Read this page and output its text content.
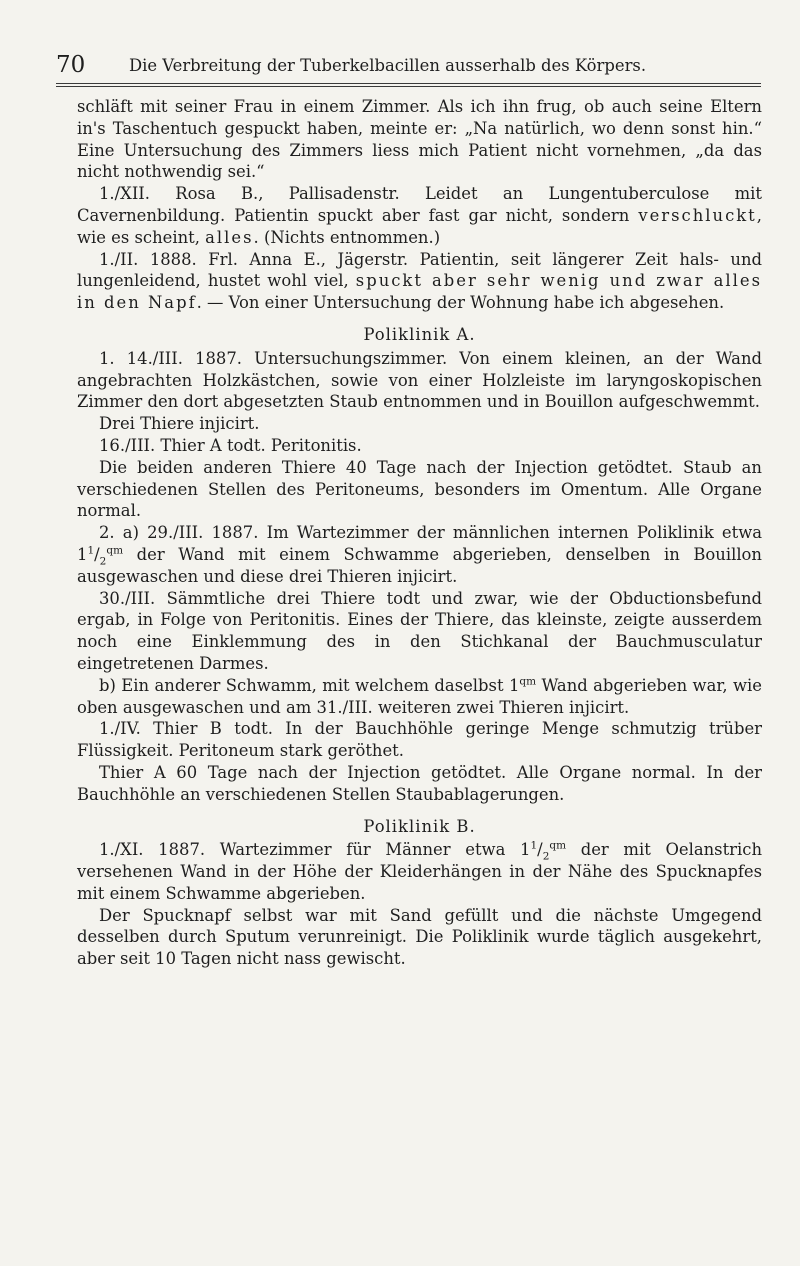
70	Die Verbreitung der Tuberkelbacillen ausserhalb des Körpers.

schläft mit seiner Frau in einem Zimmer. Als ich ihn frug, ob auch seine Eltern in's Taschentuch gespuckt haben, meinte er: „Na natürlich, wo denn sonst hin.“ Eine Untersuchung des Zimmers liess mich Patient nicht vornehmen, „da das nicht nothwendig sei.“

1./XII. Rosa B., Pallisadenstr. Leidet an Lungentuberculose mit Cavernenbildung. Patientin spuckt aber fast gar nicht, sondern verschluckt, wie es scheint, alles. (Nichts entnommen.)

1./II. 1888. Frl. Anna E., Jägerstr. Patientin, seit längerer Zeit hals- und lungenleidend, hustet wohl viel, spuckt aber sehr wenig und zwar alles in den Napf. — Von einer Untersuchung der Wohnung habe ich abgesehen.

Poliklinik A.

1. 14./III. 1887. Untersuchungszimmer. Von einem kleinen, an der Wand angebrachten Holzkästchen, sowie von einer Holzleiste im laryngoskopischen Zimmer den dort abgesetzten Staub entnommen und in Bouillon aufgeschwemmt.

Drei Thiere injicirt.

16./III. Thier A todt. Peritonitis.

Die beiden anderen Thiere 40 Tage nach der Injection getödtet. Staub an verschiedenen Stellen des Peritoneums, besonders im Omentum. Alle Organe normal.

2. a) 29./III. 1887. Im Wartezimmer der männlichen internen Poliklinik etwa $1^1/_2^{qm}$ der Wand mit einem Schwamme abgerieben, denselben in Bouillon ausgewaschen und diese drei Thieren injicirt.

30./III. Sämmtliche drei Thiere todt und zwar, wie der Obductionsbefund ergab, in Folge von Peritonitis. Eines der Thiere, das kleinste, zeigte ausserdem noch eine Einklemmung des in den Stichkanal der Bauchmusculatur eingetretenen Darmes.

b) Ein anderer Schwamm, mit welchem daselbst $1^{qm}$ Wand abgerieben war, wie oben ausgewaschen und am 31./III. weiteren zwei Thieren injicirt.

1./IV. Thier B todt. In der Bauchhöhle geringe Menge schmutzig trüber Flüssigkeit. Peritoneum stark geröthet.

Thier A 60 Tage nach der Injection getödtet. Alle Organe normal. In der Bauchhöhle an verschiedenen Stellen Staubablagerungen.

Poliklinik B.

1./XI. 1887. Wartezimmer für Männer etwa $1^1/_2^{qm}$ der mit Oelanstrich versehenen Wand in der Höhe der Kleiderhängen in der Nähe des Spucknapfes mit einem Schwamme abgerieben.

Der Spucknapf selbst war mit Sand gefüllt und die nächste Umgegend desselben durch Sputum verunreinigt. Die Poliklinik wurde täglich ausgekehrt, aber seit 10 Tagen nicht nass gewischt.
